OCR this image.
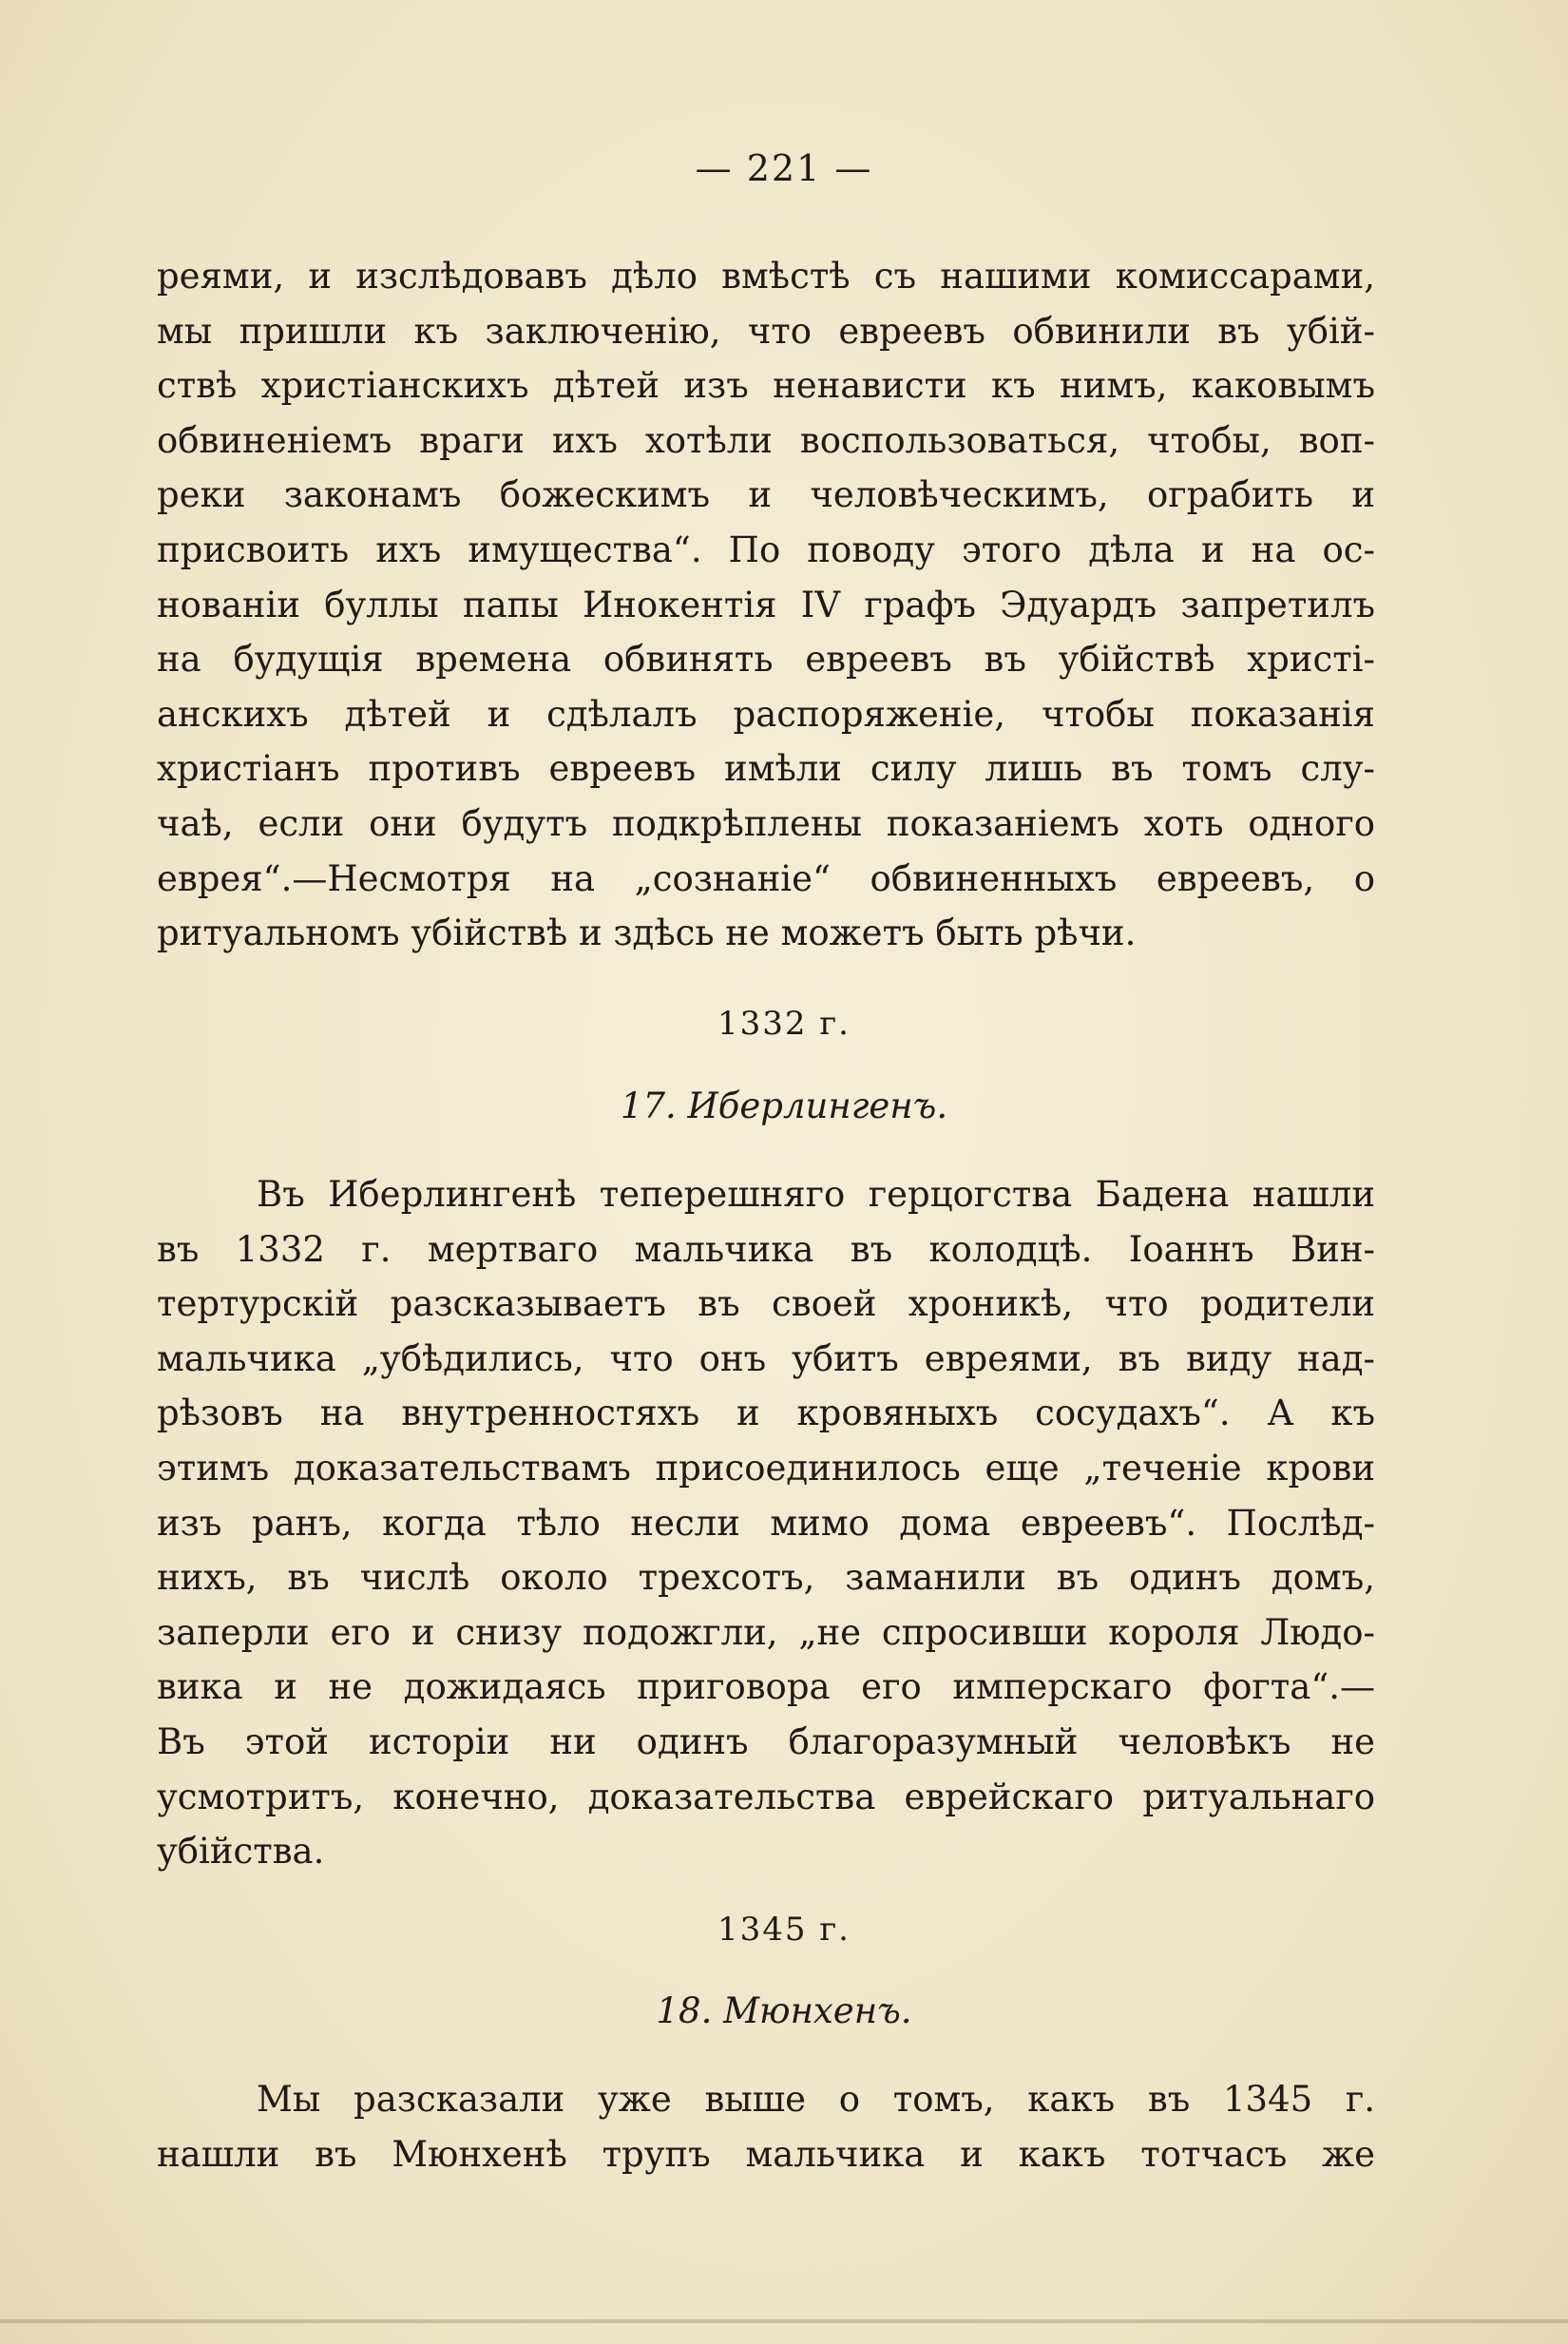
— 221 —
реями, и изслѣдовавъ дѣло вмѣстѣ съ нашими комиссарами,
мы пришли къ заключенію, что евреевъ обвинили въ убій-
ствѣ христіанскихъ дѣтей изъ ненависти къ нимъ, каковымъ
обвиненіемъ враги ихъ хотѣли воспользоваться, чтобы, воп-
реки законамъ божескимъ и человѣческимъ, ограбить и
присвоить ихъ имущества“. По поводу этого дѣла и на ос-
нованіи буллы папы Инокентія IV графъ Эдуардъ запретилъ
на будущія времена обвинять евреевъ въ убійствѣ христі-
анскихъ дѣтей и сдѣлалъ распоряженіе, чтобы показанія
христіанъ противъ евреевъ имѣли силу лишь въ томъ слу-
чаѣ, если они будутъ подкрѣплены показаніемъ хоть одного
еврея“.—Несмотря на „сознаніе“ обвиненныхъ евреевъ, о
ритуальномъ убійствѣ и здѣсь не можетъ быть рѣчи.
1332 г.
17. Иберлингенъ.
Въ Иберлингенѣ теперешняго герцогства Бадена нашли
въ 1332 г. мертваго мальчика въ колодцѣ. Іоаннъ Вин-
тертурскій разсказываетъ въ своей хроникѣ, что родители
мальчика „убѣдились, что онъ убитъ евреями, въ виду над-
рѣзовъ на внутренностяхъ и кровяныхъ сосудахъ“. А къ
этимъ доказательствамъ присоединилось еще „теченіе крови
изъ ранъ, когда тѣло несли мимо дома евреевъ“. Послѣд-
нихъ, въ числѣ около трехсотъ, заманили въ одинъ домъ,
заперли его и снизу подожгли, „не спросивши короля Людо-
вика и не дожидаясь приговора его имперскаго фогта“.—
Въ этой исторіи ни одинъ благоразумный человѣкъ не
усмотритъ, конечно, доказательства еврейскаго ритуальнаго
убійства.
1345 г.
18. Мюнхенъ.
Мы разсказали уже выше о томъ, какъ въ 1345 г.
нашли въ Мюнхенѣ трупъ мальчика и какъ тотчасъ же
